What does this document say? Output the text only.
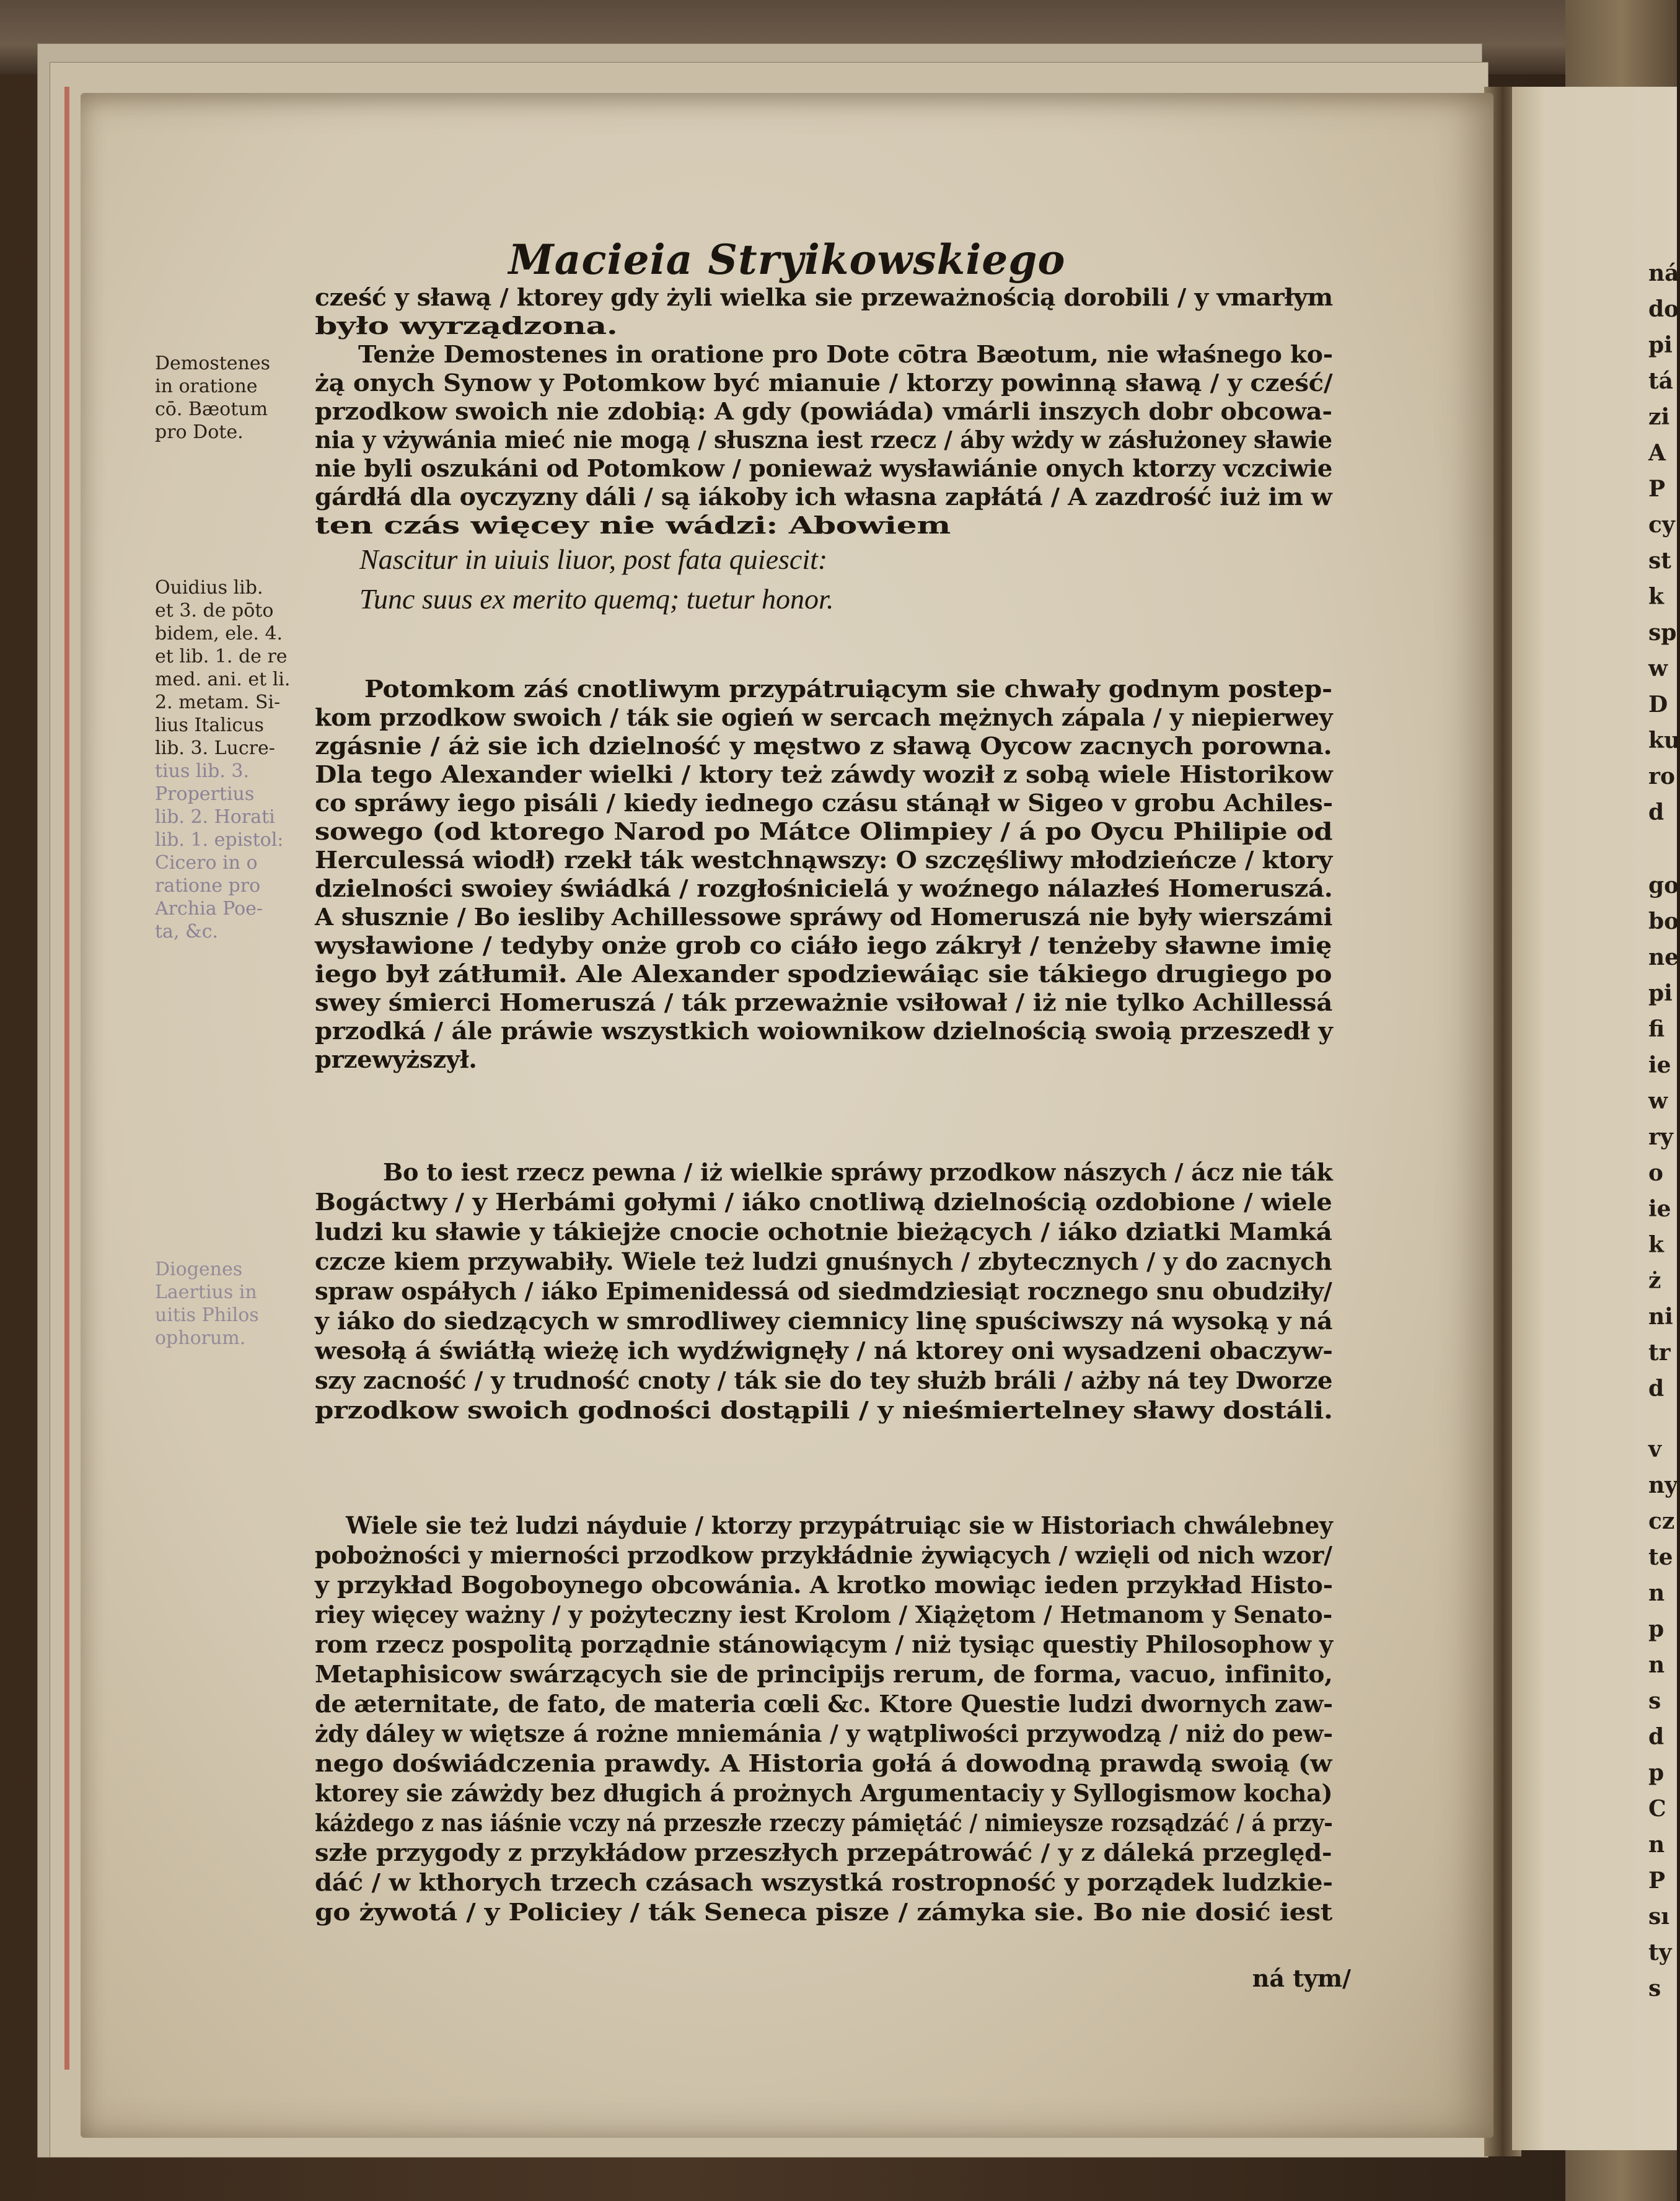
ná
do
pi
tá
zi
A
P
cy
st
k
sp
w
D
ku
ro
d
go
bo
ne
pi
fi
ie
w
ry
o
ie
k
ż
ni
tr
d
v
ny
cz
te
n
p
n
s
d
p
C
n
P
sı
ty
s
Macieia Stryikowskiego
cześć y sławą / ktorey gdy żyli wielka sie przeważnością dorobili / y vmarłym
było wyrządzona.
Tenże Demostenes in oratione pro Dote cōtra Bæotum, nie właśnego ko-
żą onych Synow y Potomkow być mianuie / ktorzy powinną sławą / y cześć/
przodkow swoich nie zdobią: A gdy (powiáda) vmárli inszych dobr obcowa-
nia y vżywánia mieć nie mogą / słuszna iest rzecz / áby wżdy w zásłużoney sławie
nie byli oszukáni od Potomkow / ponieważ wysławiánie onych ktorzy vczciwie
gárdłá dla oyczyzny dáli / są iákoby ich własna zapłátá / A zazdrość iuż im w
ten czás więcey nie wádzi: Abowiem
Nascitur in uiuis liuor, post fata quiescit:
Tunc suus ex merito quemq; tuetur honor.
Potomkom záś cnotliwym przypátruiącym sie chwały godnym postep-
kom przodkow swoich / ták sie ogień w sercach mężnych zápala / y niepierwey
zgásnie / áż sie ich dzielność y męstwo z sławą Oycow zacnych porowna.
Dla tego Alexander wielki / ktory też záwdy woził z sobą wiele Historikow
co spráwy iego pisáli / kiedy iednego czásu stánął w Sigeo v grobu Achiles-
sowego (od ktorego Narod po Mátce Olimpiey / á po Oycu Philipie od
Herculessá wiodł) rzekł ták westchnąwszy: O szczęśliwy młodzieńcze / ktory
dzielności swoiey świádká / rozgłośnicielá y woźnego nálazłeś Homeruszá.
A słusznie / Bo iesliby Achillessowe spráwy od Homeruszá nie były wierszámi
wysławione / tedyby onże grob co ciáło iego zákrył / tenżeby sławne imię
iego był zátłumił. Ale Alexander spodziewáiąc sie tákiego drugiego po
swey śmierci Homeruszá / ták przeważnie vsiłował / iż nie tylko Achillessá
przodká / ále práwie wszystkich woiownikow dzielnością swoią przeszedł y
przewyższył.
Bo to iest rzecz pewna / iż wielkie spráwy przodkow nászych / ácz nie ták
Bogáctwy / y Herbámi gołymi / iáko cnotliwą dzielnością ozdobione / wiele
ludzi ku sławie y tákiejże cnocie ochotnie bieżących / iáko dziatki Mamká
czcze kiem przywabiły. Wiele też ludzi gnuśnych / zbytecznych / y do zacnych
spraw ospáłych / iáko Epimenidessá od siedmdziesiąt rocznego snu obudziły/
y iáko do siedzących w smrodliwey ciemnicy linę spuściwszy ná wysoką y ná
wesołą á świátłą wieżę ich wydźwignęły / ná ktorey oni wysadzeni obaczyw-
szy zacność / y trudność cnoty / ták sie do tey służb bráli / ażby ná tey Dworze
przodkow swoich godności dostąpili / y nieśmiertelney sławy dostáli.
Wiele sie też ludzi náyduie / ktorzy przypátruiąc sie w Historiach chwálebney
pobożności y mierności przodkow przykłádnie żywiących / wzięli od nich wzor/
y przykład Bogoboynego obcowánia. A krotko mowiąc ieden przykład Histo-
riey więcey ważny / y pożyteczny iest Krolom / Xiążętom / Hetmanom y Senato-
rom rzecz pospolitą porządnie stánowiącym / niż tysiąc questiy Philosophow y
Metaphisicow swárzących sie de principijs rerum, de forma, vacuo, infinito,
de æternitate, de fato, de materia cœli &c. Ktore Questie ludzi dwornych zaw-
żdy dáley w więtsze á rożne mniemánia / y wątpliwości przywodzą / niż do pew-
nego doświádczenia prawdy. A Historia gołá á dowodną prawdą swoią (w
ktorey sie záwżdy bez długich á prożnych Argumentaciy y Syllogismow kocha)
káżdego z nas iáśnie vczy ná przeszłe rzeczy pámiętáć / nimieysze rozsądzáć / á przy-
szłe przygody z przykłádow przeszłych przepátrowáć / y z dáleká przeględ-
dáć / w kthorych trzech czásach wszystká rostropność y porządek ludzkie-
go żywotá / y Policiey / ták Seneca pisze / zámyka sie. Bo nie dosić iest
Demostenes
in oratione
cō. Bæotum
pro Dote.
Ouidius lib.
et 3. de pōto
bidem, ele. 4.
et lib. 1. de re
med. ani. et li.
2. metam. Si-
lius Italicus
lib. 3. Lucre-
tius lib. 3.
Propertius
lib. 2. Horati
lib. 1. epistol:
Cicero in o
ratione pro
Archia Poe-
ta, &c.
Diogenes
Laertius in
uitis Philos
ophorum.
ná tym/
